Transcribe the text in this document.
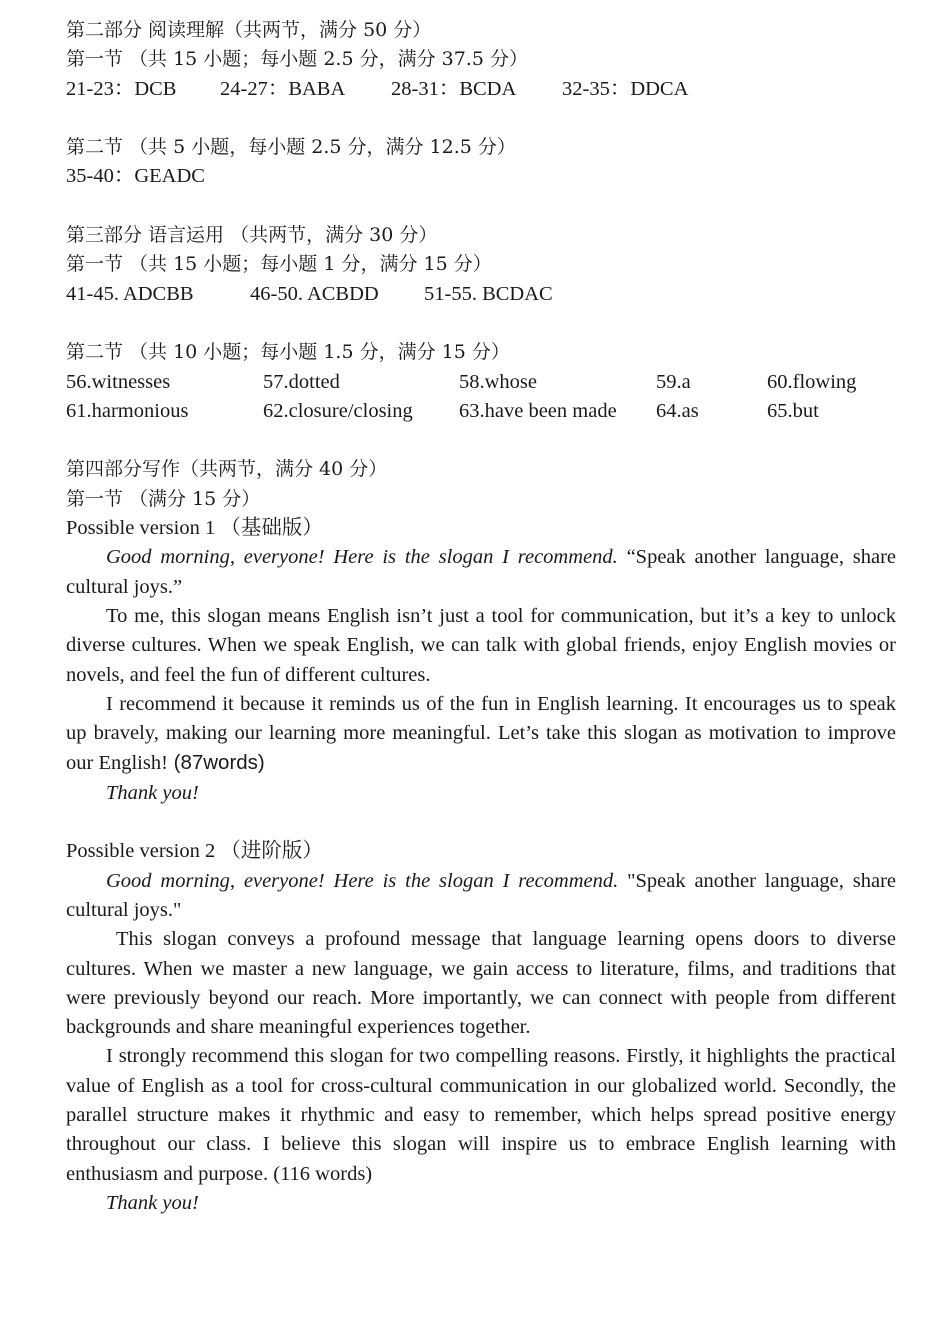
第二部分 阅读理解（共两节，满分 50 分）
第一节 （共 15 小题；每小题 2.5 分，满分 37.5 分）
21-23：DCB 24-27：BABA 28-31：BCDA 32-35：DDCA
第二节 （共 5 小题，每小题 2.5 分，满分 12.5 分）
35-40：GEADC
第三部分 语言运用 （共两节，满分 30 分）
第一节 （共 15 小题；每小题 1 分，满分 15 分）
41-45. ADCBB	46-50. ACBDD 51-55. BCDAC
第二节 （共 10 小题；每小题 1.5 分，满分 15 分）
56.witnesses	57.dotted	58.whose	59.a	60.flowing
61.harmonious	62.closure/closing 63.have been made 64.as	65.but
第四部分写作（共两节，满分 40 分）
第一节 （满分 15 分）
Possible version 1 （基础版）
Good morning, everyone! Here is the slogan I recommend. “Speak another language, share cultural joys.”
To me, this slogan means English isn’t just a tool for communication, but it’s a key to unlock diverse cultures. When we speak English, we can talk with global friends, enjoy English movies or novels, and feel the fun of different cultures.
I recommend it because it reminds us of the fun in English learning. It encourages us to speak up bravely, making our learning more meaningful. Let’s take this slogan as motivation to improve our English! (87words)
Thank you!
Possible version 2 （进阶版）
Good morning, everyone! Here is the slogan I recommend. "Speak another language, share cultural joys."
This slogan conveys a profound message that language learning opens doors to diverse cultures. When we master a new language, we gain access to literature, films, and traditions that were previously beyond our reach. More importantly, we can connect with people from different backgrounds and share meaningful experiences together.
I strongly recommend this slogan for two compelling reasons. Firstly, it highlights the practical value of English as a tool for cross-cultural communication in our globalized world. Secondly, the parallel structure makes it rhythmic and easy to remember, which helps spread positive energy throughout our class. I believe this slogan will inspire us to embrace English learning with enthusiasm and purpose. (116 words)
Thank you!
